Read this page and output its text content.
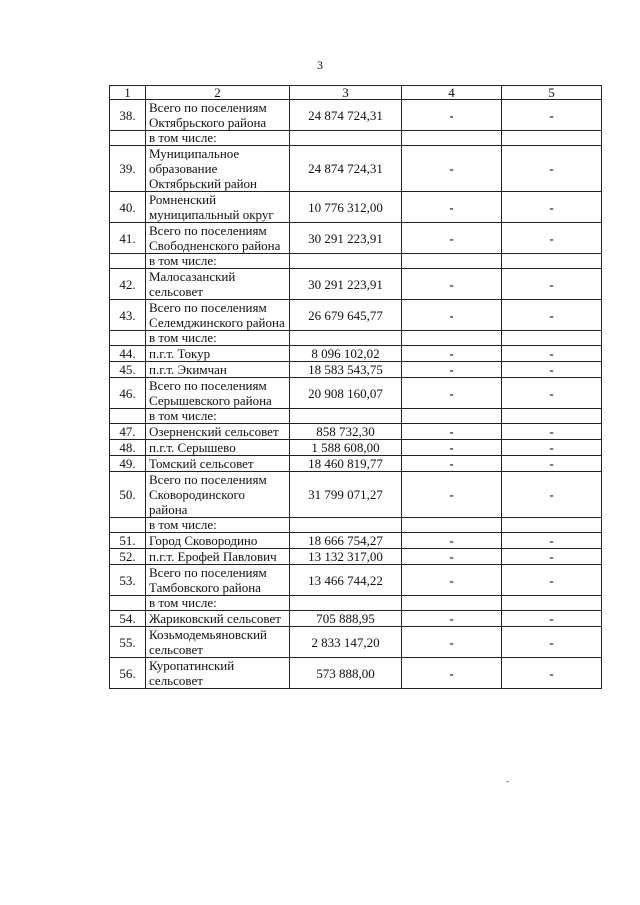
3
1	2	3	4	5
38.	Всего по поселениям Октябрьского района	24 874 724,31	-	-
	в том числе:			
39.	Муниципальное образование Октябрьский район	24 874 724,31	-	-
40.	Ромненский муниципальный округ	10 776 312,00	-	-
41.	Всего по поселениям Свободненского района	30 291 223,91	-	-
	в том числе:			
42.	Малосазанский сельсовет	30 291 223,91	-	-
43.	Всего по поселениям Селемджинского района	26 679 645,77	-	-
	в том числе:			
44.	п.г.т. Токур	8 096 102,02	-	-
45.	п.г.т. Экимчан	18 583 543,75	-	-
46.	Всего по поселениям Серышевского района	20 908 160,07	-	-
	в том числе:			
47.	Озерненский сельсовет	858 732,30	-	-
48.	п.г.т. Серышево	1 588 608,00	-	-
49.	Томский сельсовет	18 460 819,77	-	-
50.	Всего по поселениям Сковородинского района	31 799 071,27	-	-
	в том числе:			
51.	Город Сковородино	18 666 754,27	-	-
52.	п.г.т. Ерофей Павлович	13 132 317,00	-	-
53.	Всего по поселениям Тамбовского района	13 466 744,22	-	-
	в том числе:			
54.	Жариковский сельсовет	705 888,95	-	-
55.	Козьмодемьяновский сельсовет	2 833 147,20	-	-
56.	Куропатинский сельсовет	573 888,00	-	-
-
